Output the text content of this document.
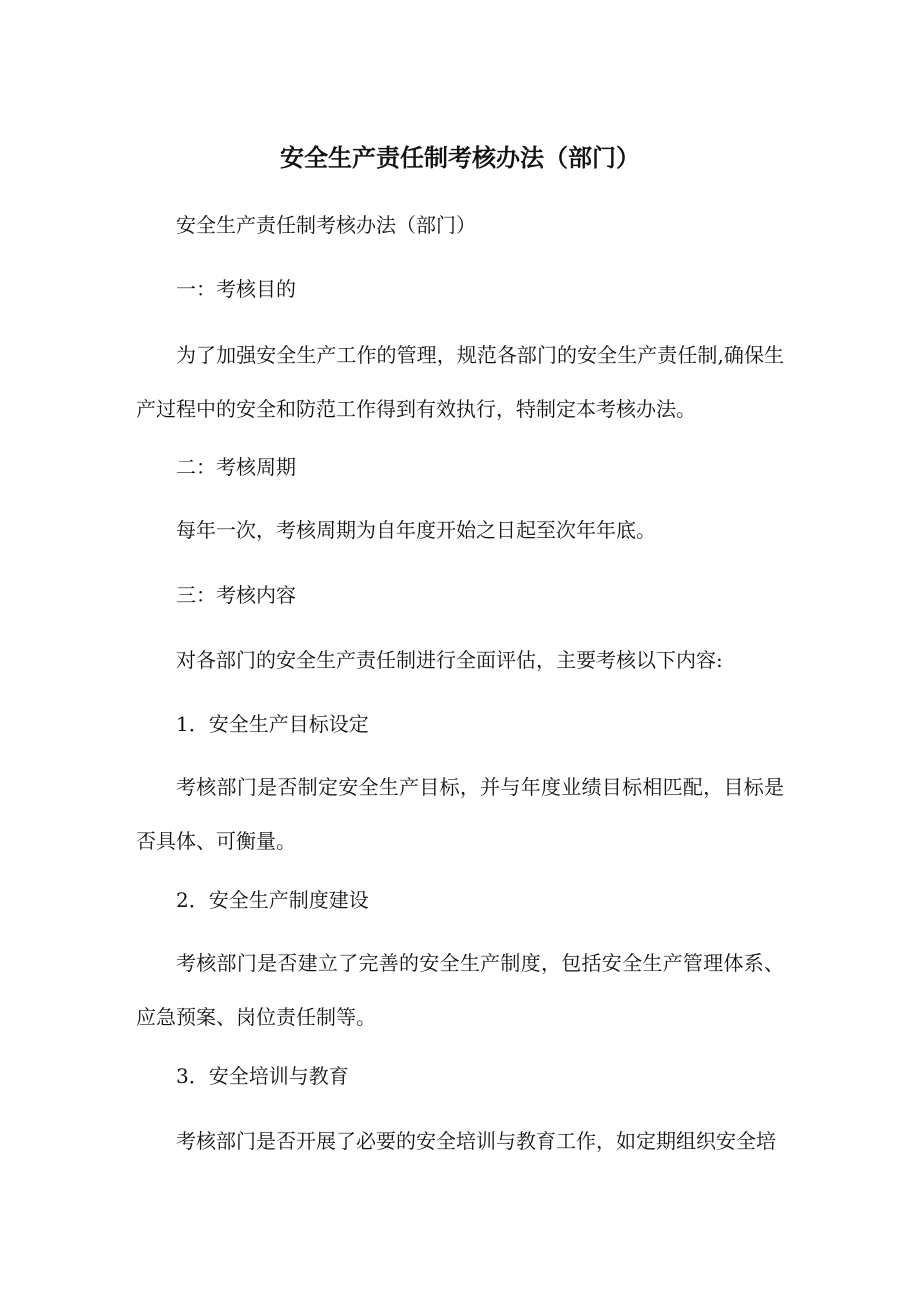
安全生产责任制考核办法（部门）

安全生产责任制考核办法（部门）

一：考核目的

为了加强安全生产工作的管理，规范各部门的安全生产责任制,确保生产过程中的安全和防范工作得到有效执行，特制定本考核办法。

二：考核周期

每年一次，考核周期为自年度开始之日起至次年年底。

三：考核内容

对各部门的安全生产责任制进行全面评估，主要考核以下内容:

1．安全生产目标设定

考核部门是否制定安全生产目标，并与年度业绩目标相匹配，目标是否具体、可衡量。

2．安全生产制度建设

考核部门是否建立了完善的安全生产制度，包括安全生产管理体系、应急预案、岗位责任制等。

3．安全培训与教育

考核部门是否开展了必要的安全培训与教育工作，如定期组织安全培
